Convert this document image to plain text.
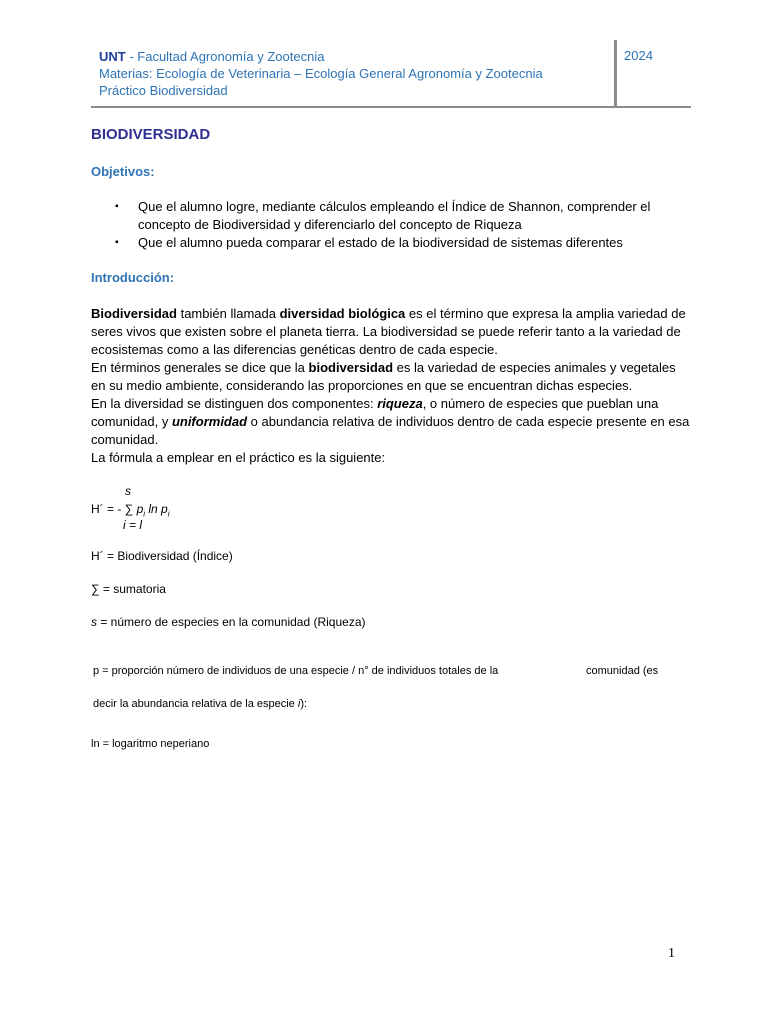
UNT - Facultad Agronomía y Zootecnia
Materias: Ecología de Veterinaria – Ecología General Agronomía y Zootecnia
Práctico Biodiversidad
2024
BIODIVERSIDAD
Objetivos:
▪ Que el alumno logre, mediante cálculos empleando el Índice de Shannon, comprender el concepto de Biodiversidad y diferenciarlo del concepto de Riqueza
▪ Que el alumno pueda comparar el estado de la biodiversidad de sistemas diferentes
Introducción:

Biodiversidad también llamada diversidad biológica es el término que expresa la amplia variedad de seres vivos que existen sobre el planeta tierra. La biodiversidad se puede referir tanto a la variedad de ecosistemas como a las diferencias genéticas dentro de cada especie.

En términos generales se dice que la biodiversidad es la variedad de especies animales y vegetales en su medio ambiente, considerando las proporciones en que se encuentran dichas especies.

En la diversidad se distinguen dos componentes: riqueza, o número de especies que pueblan una comunidad, y uniformidad o abundancia relativa de individuos dentro de cada especie presente en esa comunidad.

La fórmula a emplear en el práctico es la siguiente:

s
H´ = - ∑ $p_i$ $\ln p_i$
i = l
H´ = Biodiversidad (Índice)
∑ = sumatoria
s = número de especies en la comunidad (Riqueza)
p = proporción número de individuos de una especie / n° de individuos totales de la	comunidad (es
decir la abundancia relativa de la especie i):
ln = logaritmo neperiano
1
